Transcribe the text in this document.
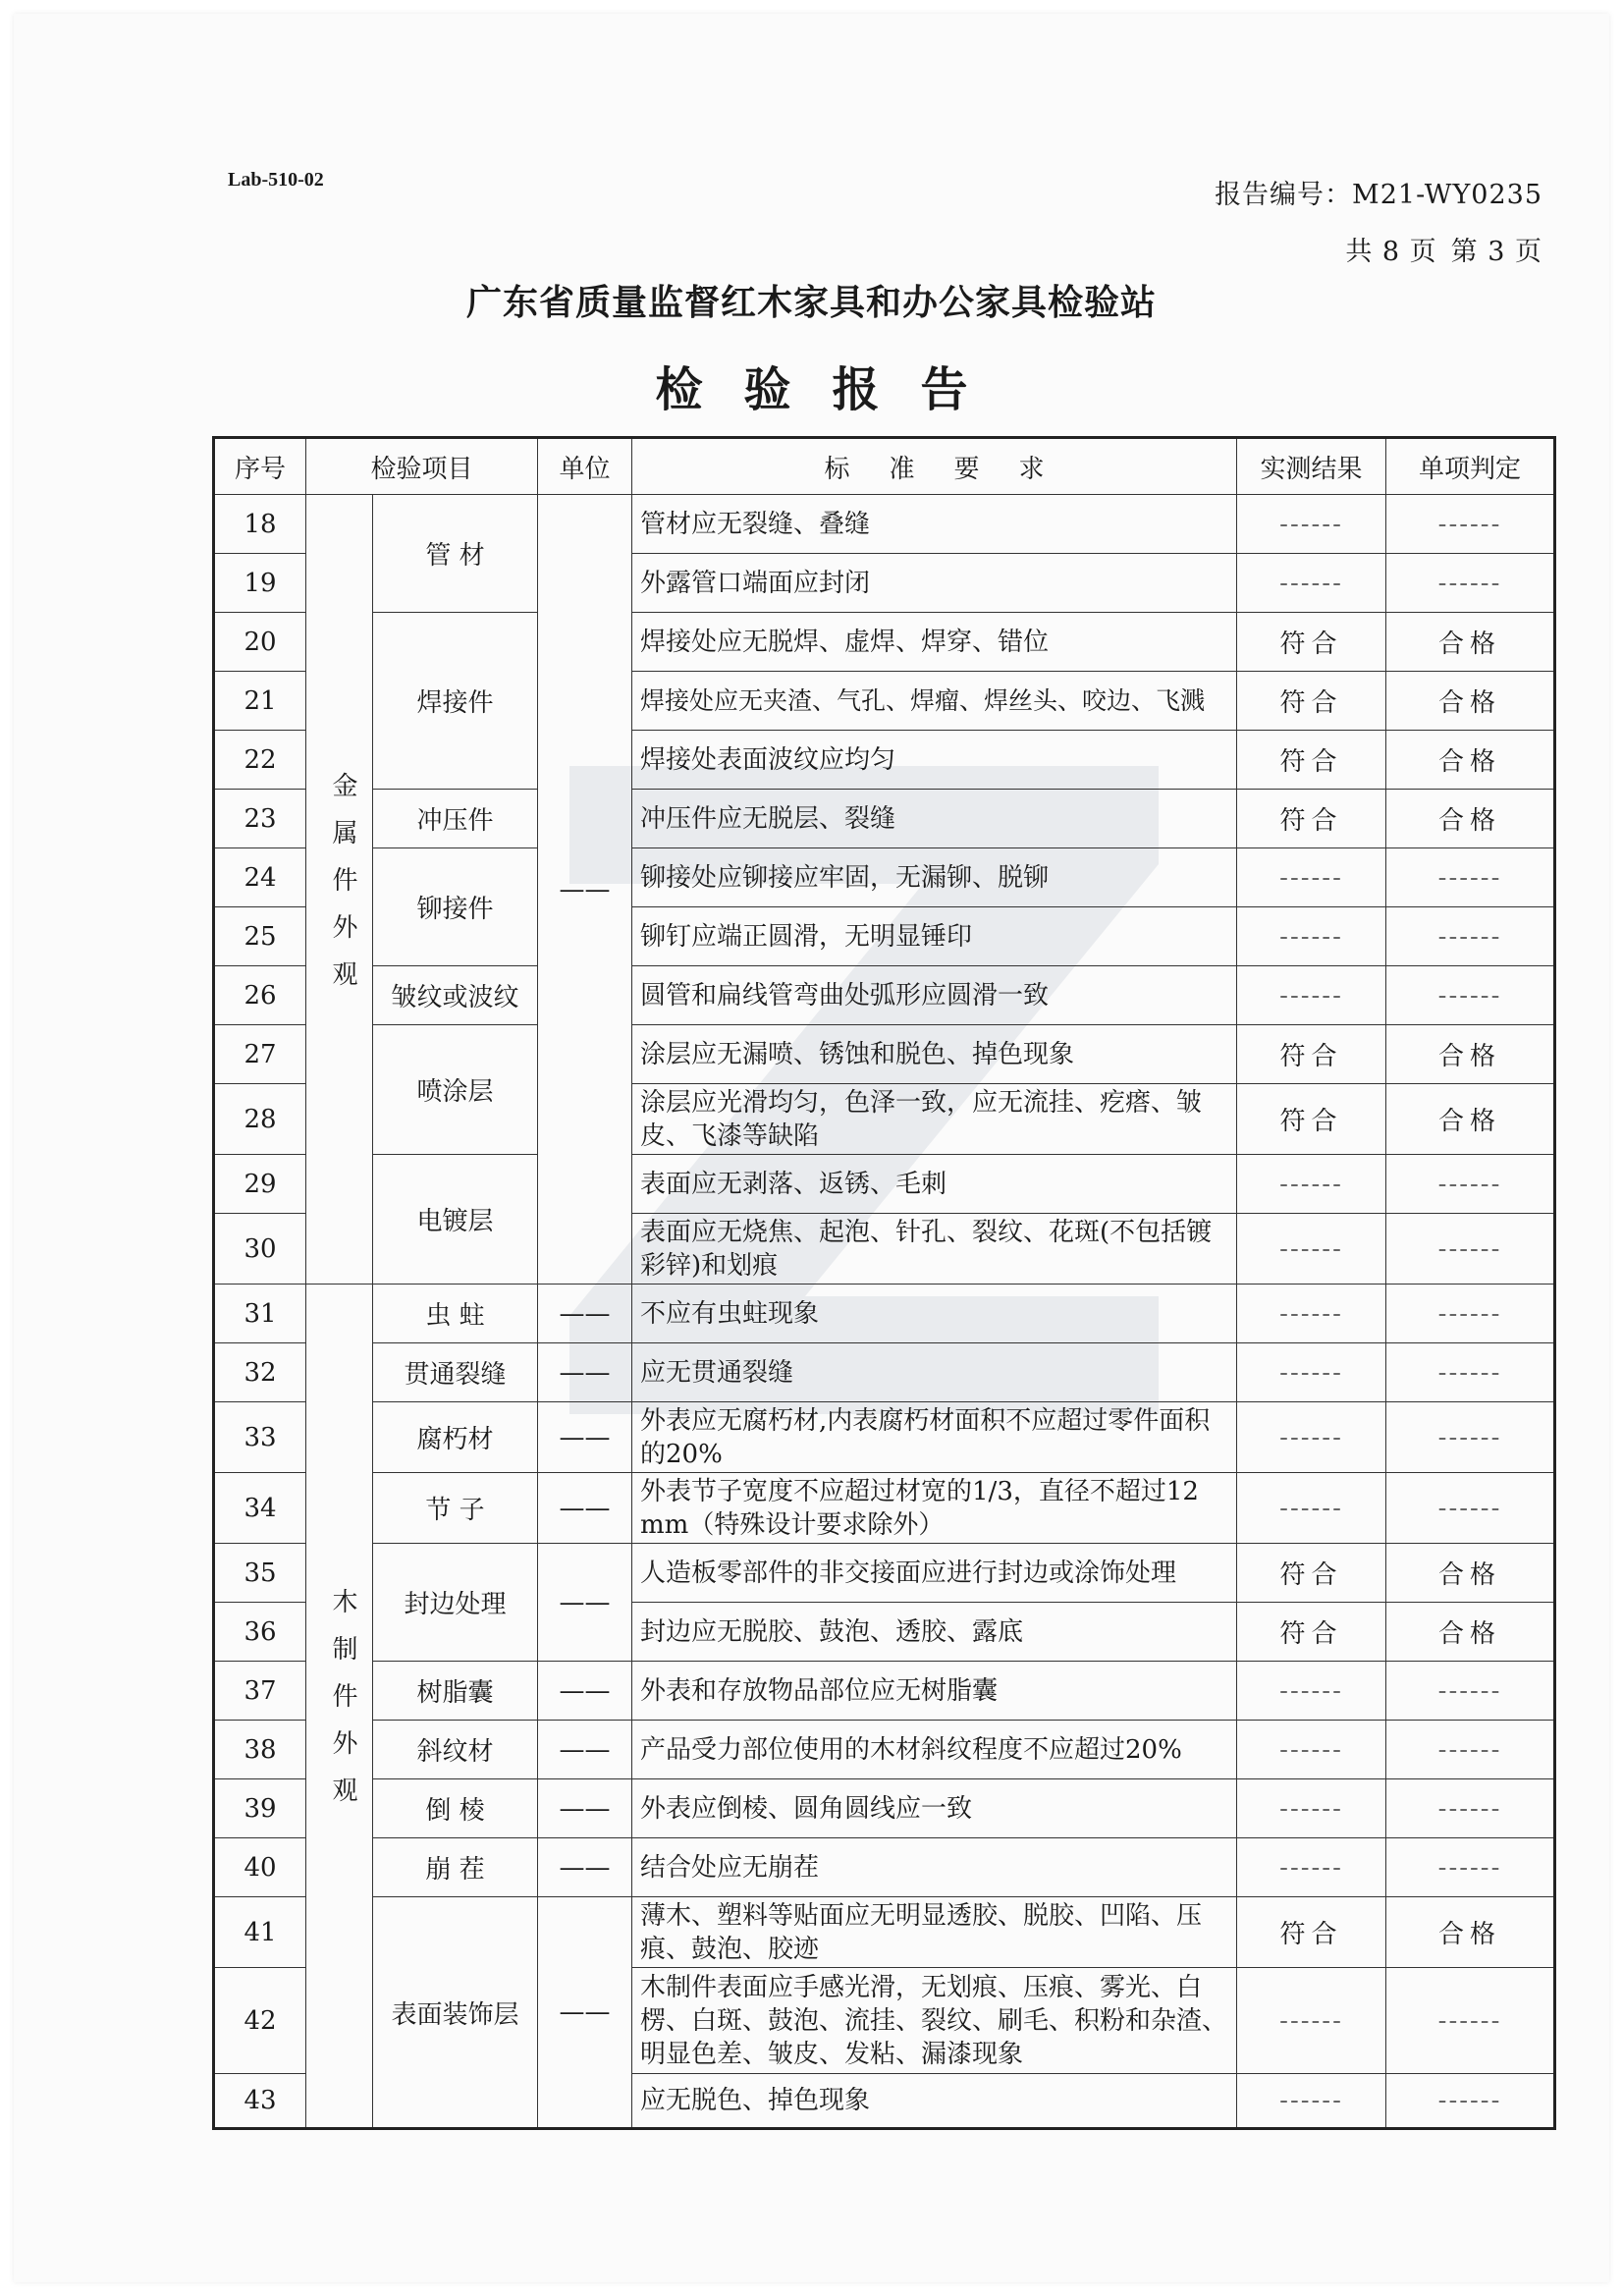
Lab-510-02	报告编号：M21-WY0235
共 8 页 第 3 页
广东省质量监督红木家具和办公家具检验站
检验报告
序号	检验项目		单位	标准要求	实测结果	单项判定
18	金属件外观	管 材	——	管材应无裂缝、叠缝	------	------
19				外露管口端面应封闭	------	------
20		焊接件		焊接处应无脱焊、虚焊、焊穿、错位	符合	合格
21				焊接处应无夹渣、气孔、焊瘤、焊丝头、咬边、飞溅	符合	合格
22				焊接处表面波纹应均匀	符合	合格
23		冲压件		冲压件应无脱层、裂缝	符合	合格
24		铆接件		铆接处应铆接应牢固，无漏铆、脱铆	------	------
25				铆钉应端正圆滑，无明显锤印	------	------
26		皱纹或波纹		圆管和扁线管弯曲处弧形应圆滑一致	------	------
27		喷涂层		涂层应无漏喷、锈蚀和脱色、掉色现象	符合	合格
28				涂层应光滑均匀，色泽一致，应无流挂、疙瘩、皱皮、飞漆等缺陷	符合	合格
29		电镀层		表面应无剥落、返锈、毛刺	------	------
30				表面应无烧焦、起泡、针孔、裂纹、花斑(不包括镀彩锌)和划痕	------	------
31	木制件外观	虫 蛀	——	不应有虫蛀现象	------	------
32		贯通裂缝	——	应无贯通裂缝	------	------
33		腐朽材	——	外表应无腐朽材,内表腐朽材面积不应超过零件面积的20%	------	------
34		节 子	——	外表节子宽度不应超过材宽的1/3，直径不超过12 mm（特殊设计要求除外）	------	------
35		封边处理	——	人造板零部件的非交接面应进行封边或涂饰处理	符合	合格
36				封边应无脱胶、鼓泡、透胶、露底	符合	合格
37		树脂囊	——	外表和存放物品部位应无树脂囊	------	------
38		斜纹材	——	产品受力部位使用的木材斜纹程度不应超过20%	------	------
39		倒 棱	——	外表应倒棱、圆角圆线应一致	------	------
40		崩 茬	——	结合处应无崩茬	------	------
41		表面装饰层	——	薄木、塑料等贴面应无明显透胶、脱胶、凹陷、压痕、鼓泡、胶迹	符合	合格
42				木制件表面应手感光滑，无划痕、压痕、雾光、白楞、白斑、鼓泡、流挂、裂纹、刷毛、积粉和杂渣、明显色差、皱皮、发粘、漏漆现象	------	------
43				应无脱色、掉色现象	------	------
